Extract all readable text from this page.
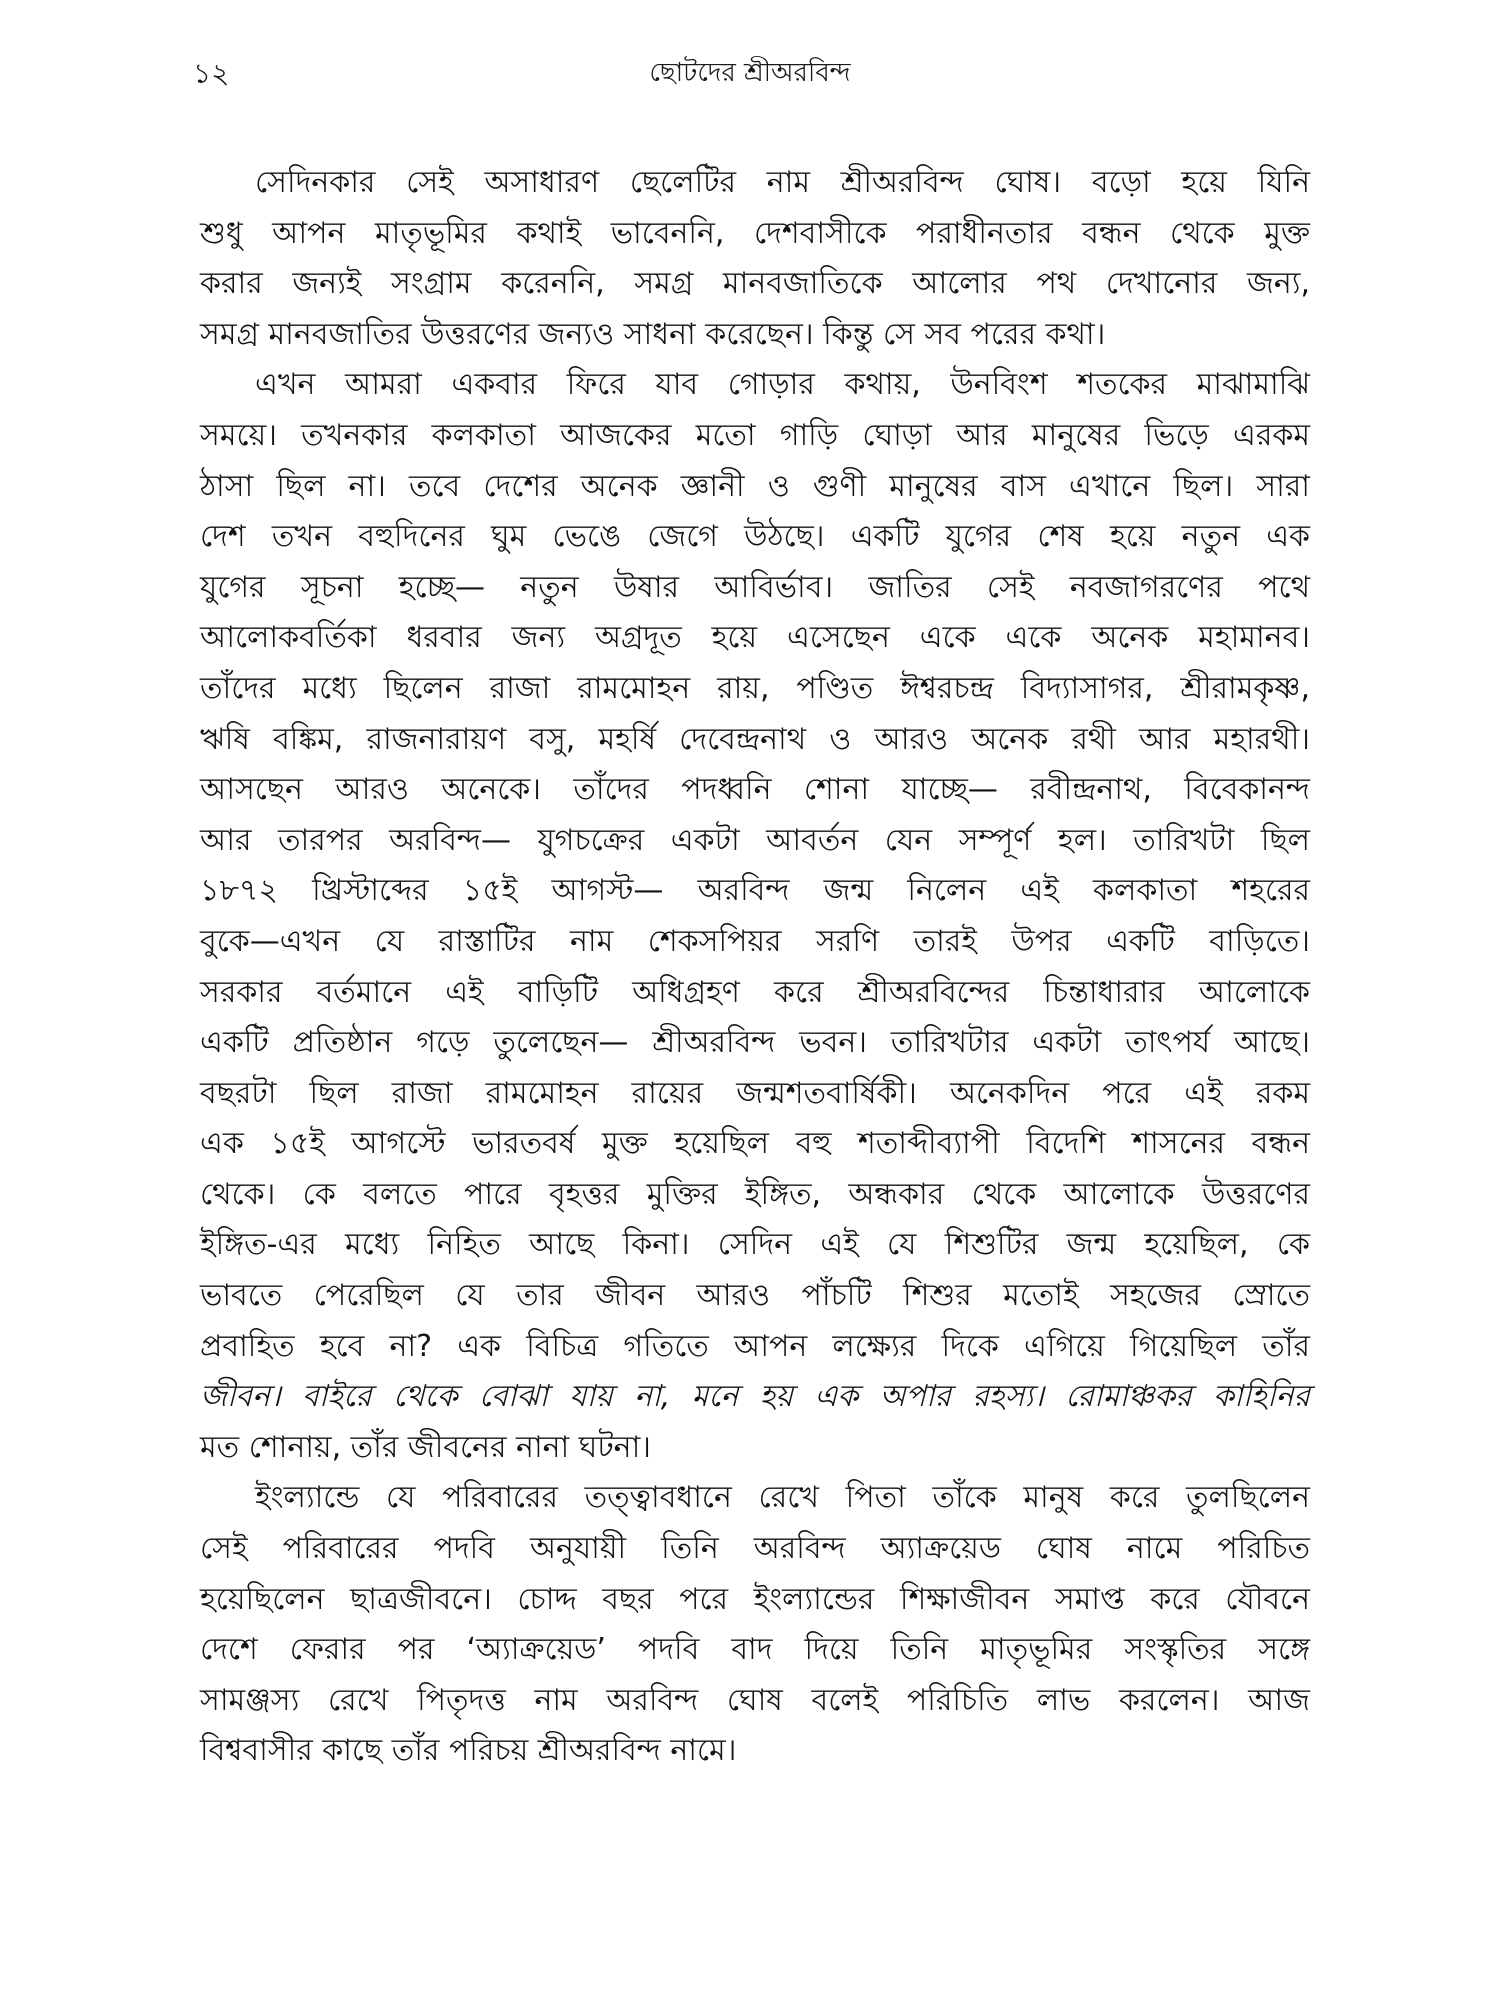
১২	ছোটদের শ্রীঅরবিন্দ
সেদিনকার সেই অসাধারণ ছেলেটির নাম শ্রীঅরবিন্দ ঘোষ। বড়ো হয়ে যিনি
শুধু আপন মাতৃভূমির কথাই ভাবেননি, দেশবাসীকে পরাধীনতার বন্ধন থেকে মুক্ত
করার জন্যই সংগ্রাম করেননি, সমগ্র মানবজাতিকে আলোর পথ দেখানোর জন্য,
সমগ্র মানবজাতির উত্তরণের জন্যও সাধনা করেছেন। কিন্তু সে সব পরের কথা।
এখন আমরা একবার ফিরে যাব গোড়ার কথায়, উনবিংশ শতকের মাঝামাঝি
সময়ে। তখনকার কলকাতা আজকের মতো গাড়ি ঘোড়া আর মানুষের ভিড়ে এরকম
ঠাসা ছিল না। তবে দেশের অনেক জ্ঞানী ও গুণী মানুষের বাস এখানে ছিল। সারা
দেশ তখন বহুদিনের ঘুম ভেঙে জেগে উঠছে। একটি যুগের শেষ হয়ে নতুন এক
যুগের সূচনা হচ্ছে— নতুন উষার আবির্ভাব। জাতির সেই নবজাগরণের পথে
আলোকবর্তিকা ধরবার জন্য অগ্রদূত হয়ে এসেছেন একে একে অনেক মহামানব।
তাঁদের মধ্যে ছিলেন রাজা রামমোহন রায়, পণ্ডিত ঈশ্বরচন্দ্র বিদ্যাসাগর, শ্রীরামকৃষ্ণ,
ঋষি বঙ্কিম, রাজনারায়ণ বসু, মহর্ষি দেবেন্দ্রনাথ ও আরও অনেক রথী আর মহারথী।
আসছেন আরও অনেকে। তাঁদের পদধ্বনি শোনা যাচ্ছে— রবীন্দ্রনাথ, বিবেকানন্দ
আর তারপর অরবিন্দ— যুগচক্রের একটা আবর্তন যেন সম্পূর্ণ হল। তারিখটা ছিল
১৮৭২ খ্রিস্টাব্দের ১৫ই আগস্ট— অরবিন্দ জন্ম নিলেন এই কলকাতা শহরের
বুকে—এখন যে রাস্তাটির নাম শেকসপিয়র সরণি তারই উপর একটি বাড়িতে।
সরকার বর্তমানে এই বাড়িটি অধিগ্রহণ করে শ্রীঅরবিন্দের চিন্তাধারার আলোকে
একটি প্রতিষ্ঠান গড়ে তুলেছেন— শ্রীঅরবিন্দ ভবন। তারিখটার একটা তাৎপর্য আছে।
বছরটা ছিল রাজা রামমোহন রায়ের জন্মশতবার্ষিকী। অনেকদিন পরে এই রকম
এক ১৫ই আগস্টে ভারতবর্ষ মুক্ত হয়েছিল বহু শতাব্দীব্যাপী বিদেশি শাসনের বন্ধন
থেকে। কে বলতে পারে বৃহত্তর মুক্তির ইঙ্গিত, অন্ধকার থেকে আলোকে উত্তরণের
ইঙ্গিত-এর মধ্যে নিহিত আছে কিনা। সেদিন এই যে শিশুটির জন্ম হয়েছিল, কে
ভাবতে পেরেছিল যে তার জীবন আরও পাঁচটি শিশুর মতোই সহজের স্রোতে
প্রবাহিত হবে না? এক বিচিত্র গতিতে আপন লক্ষ্যের দিকে এগিয়ে গিয়েছিল তাঁর
জীবন। বাইরে থেকে বোঝা যায় না, মনে হয় এক অপার রহস্য। রোমাঞ্চকর কাহিনির
মত শোনায়, তাঁর জীবনের নানা ঘটনা।
ইংল্যান্ডে যে পরিবারের তত্ত্বাবধানে রেখে পিতা তাঁকে মানুষ করে তুলছিলেন
সেই পরিবারের পদবি অনুযায়ী তিনি অরবিন্দ অ্যাক্রয়েড ঘোষ নামে পরিচিত
হয়েছিলেন ছাত্রজীবনে। চোদ্দ বছর পরে ইংল্যান্ডের শিক্ষাজীবন সমাপ্ত করে যৌবনে
দেশে ফেরার পর ‘অ্যাক্রয়েড’ পদবি বাদ দিয়ে তিনি মাতৃভূমির সংস্কৃতির সঙ্গে
সামঞ্জস্য রেখে পিতৃদত্ত নাম অরবিন্দ ঘোষ বলেই পরিচিতি লাভ করলেন। আজ
বিশ্ববাসীর কাছে তাঁর পরিচয় শ্রীঅরবিন্দ নামে।
